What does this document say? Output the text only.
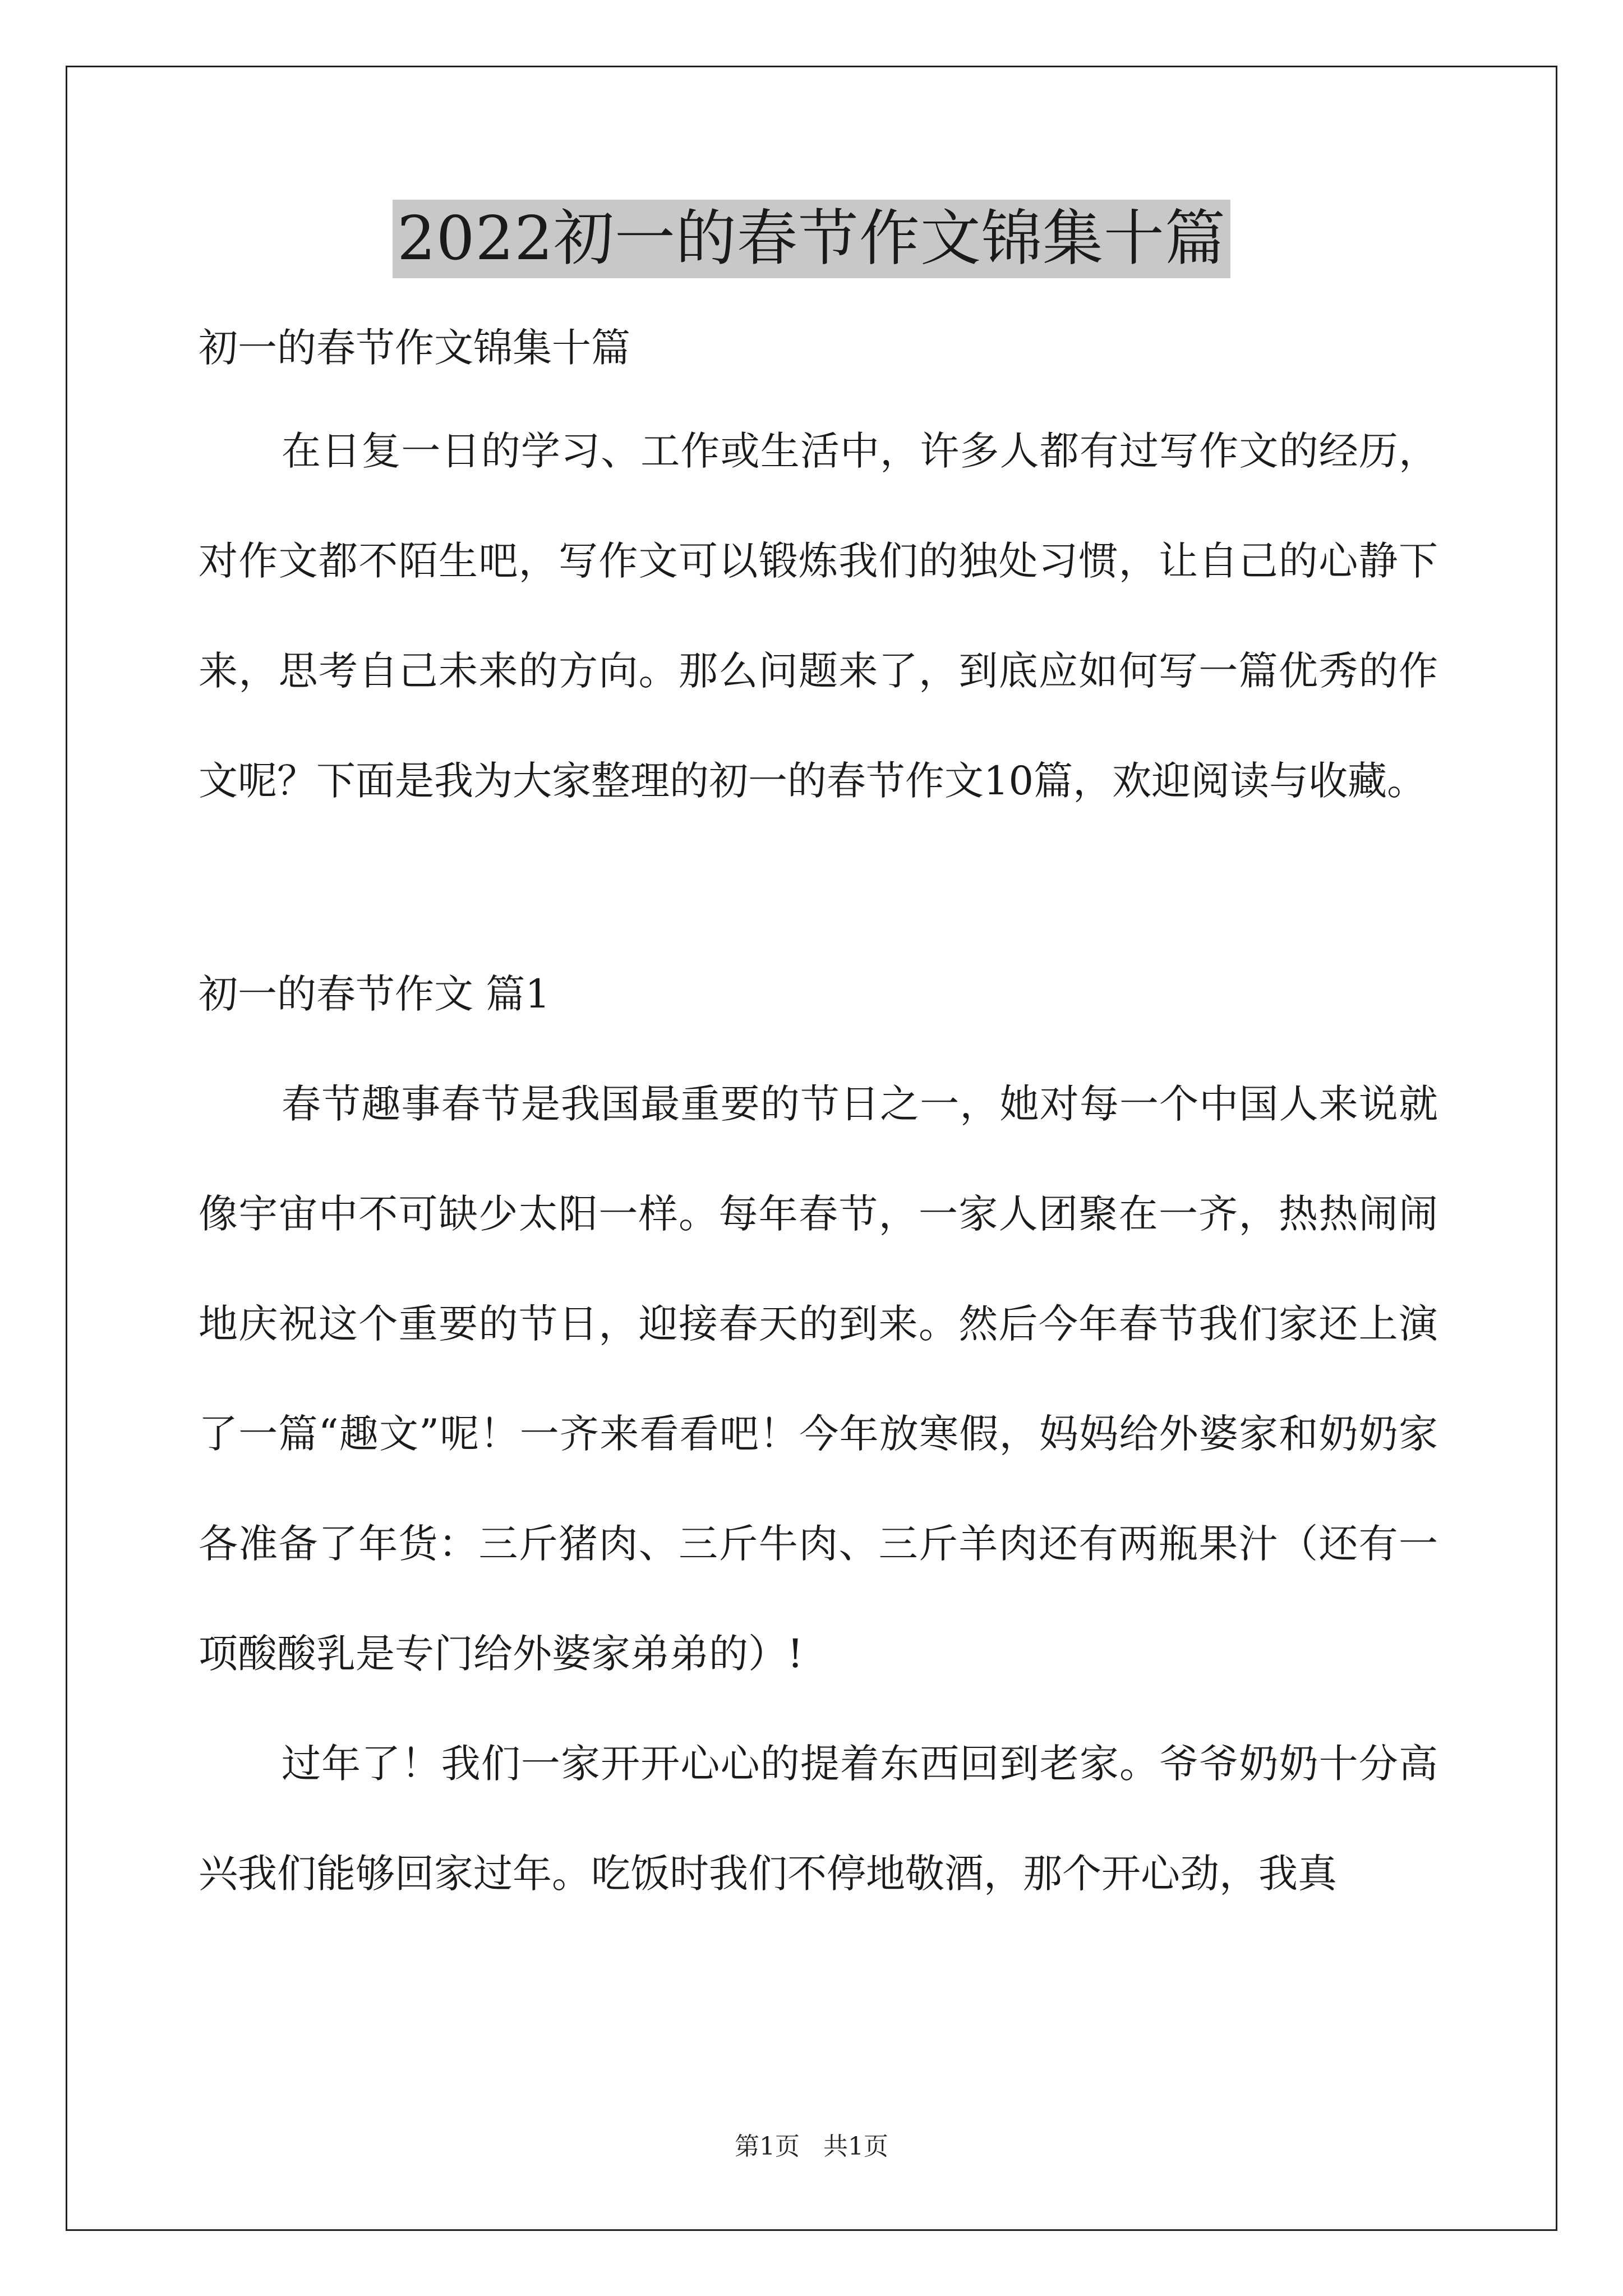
2022初一的春节作文锦集十篇

初一的春节作文锦集十篇

在日复一日的学习、工作或生活中，许多人都有过写作文的经历，对作文都不陌生吧，写作文可以锻炼我们的独处习惯，让自己的心静下来，思考自己未来的方向。那么问题来了，到底应如何写一篇优秀的作文呢？下面是我为大家整理的初一的春节作文10篇，欢迎阅读与收藏。

初一的春节作文 篇1

春节趣事春节是我国最重要的节日之一，她对每一个中国人来说就像宇宙中不可缺少太阳一样。每年春节，一家人团聚在一齐，热热闹闹地庆祝这个重要的节日，迎接春天的到来。然后今年春节我们家还上演了一篇“趣文”呢！一齐来看看吧！今年放寒假，妈妈给外婆家和奶奶家各准备了年货：三斤猪肉、三斤牛肉、三斤羊肉还有两瓶果汁（还有一项酸酸乳是专门给外婆家弟弟的）!

过年了！我们一家开开心心的提着东西回到老家。爷爷奶奶十分高兴我们能够回家过年。吃饭时我们不停地敬酒，那个开心劲，我真

第1页   共1页
